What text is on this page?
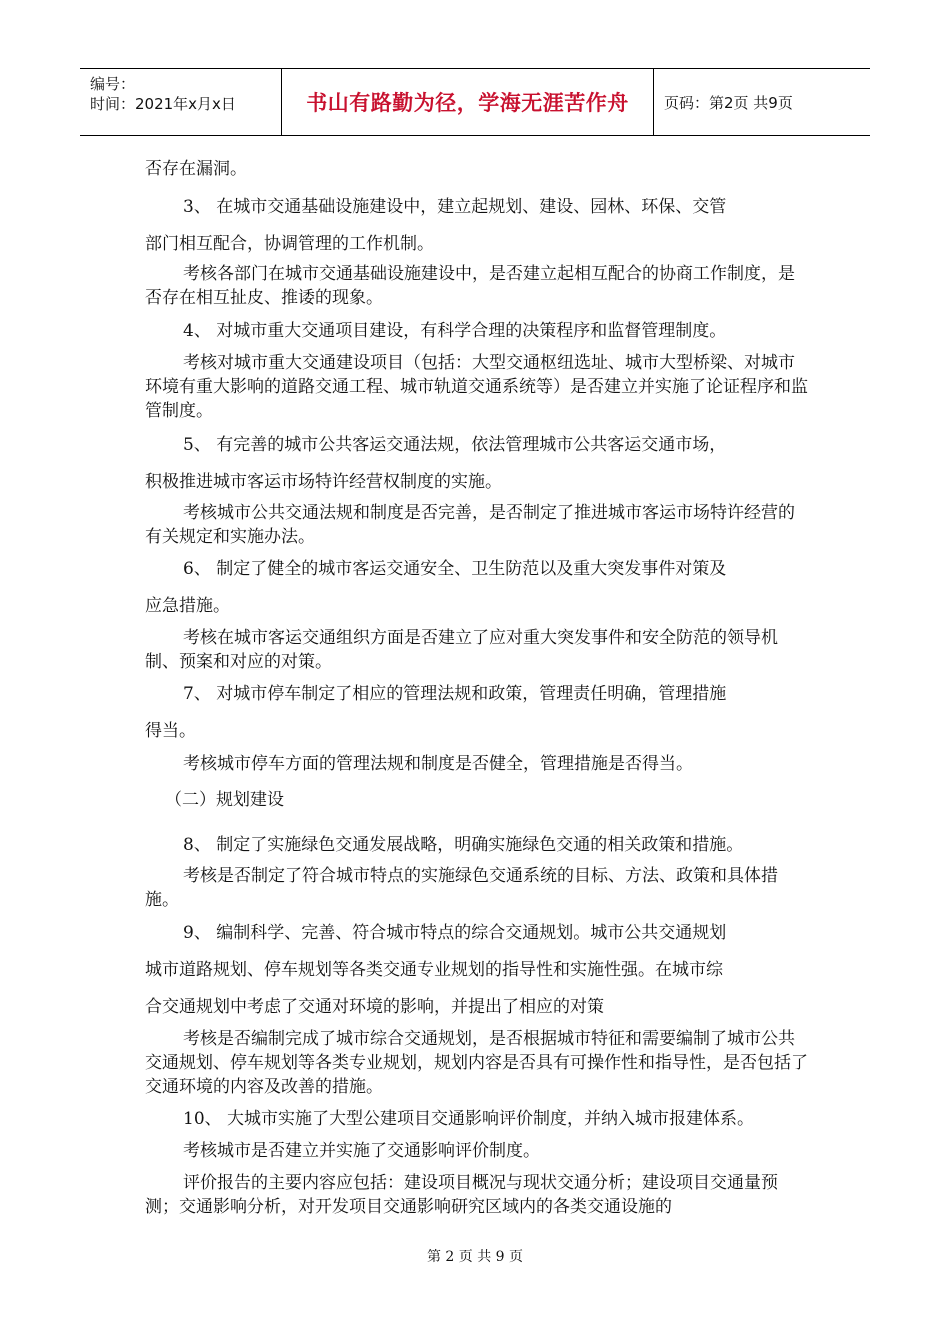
编号：
时间：2021年x月x日	书山有路勤为径，学海无涯苦作舟 页码：第2页 共9页

否存在漏洞。

3、 在城市交通基础设施建设中，建立起规划、建设、园林、环保、交管

部门相互配合，协调管理的工作机制。

考核各部门在城市交通基础设施建设中，是否建立起相互配合的协商工作制度，是否存在相互扯皮、推诿的现象。

4、 对城市重大交通项目建设，有科学合理的决策程序和监督管理制度。

考核对城市重大交通建设项目（包括：大型交通枢纽选址、城市大型桥梁、对城市环境有重大影响的道路交通工程、城市轨道交通系统等）是否建立并实施了论证程序和监管制度。

5、 有完善的城市公共客运交通法规，依法管理城市公共客运交通市场，

积极推进城市客运市场特许经营权制度的实施。

考核城市公共交通法规和制度是否完善，是否制定了推进城市客运市场特许经营的有关规定和实施办法。

6、 制定了健全的城市客运交通安全、卫生防范以及重大突发事件对策及

应急措施。

考核在城市客运交通组织方面是否建立了应对重大突发事件和安全防范的领导机制、预案和对应的对策。

7、 对城市停车制定了相应的管理法规和政策，管理责任明确，管理措施

得当。

考核城市停车方面的管理法规和制度是否健全，管理措施是否得当。

（二）规划建设

8、 制定了实施绿色交通发展战略，明确实施绿色交通的相关政策和措施。

考核是否制定了符合城市特点的实施绿色交通系统的目标、方法、政策和具体措施。

9、 编制科学、完善、符合城市特点的综合交通规划。城市公共交通规划

城市道路规划、停车规划等各类交通专业规划的指导性和实施性强。在城市综

合交通规划中考虑了交通对环境的影响，并提出了相应的对策

考核是否编制完成了城市综合交通规划，是否根据城市特征和需要编制了城市公共交通规划、停车规划等各类专业规划，规划内容是否具有可操作性和指导性，是否包括了交通环境的内容及改善的措施。

10、 大城市实施了大型公建项目交通影响评价制度，并纳入城市报建体系。

考核城市是否建立并实施了交通影响评价制度。

评价报告的主要内容应包括：建设项目概况与现状交通分析；建设项目交通量预测；交通影响分析，对开发项目交通影响研究区域内的各类交通设施的

第 2 页 共 9 页
